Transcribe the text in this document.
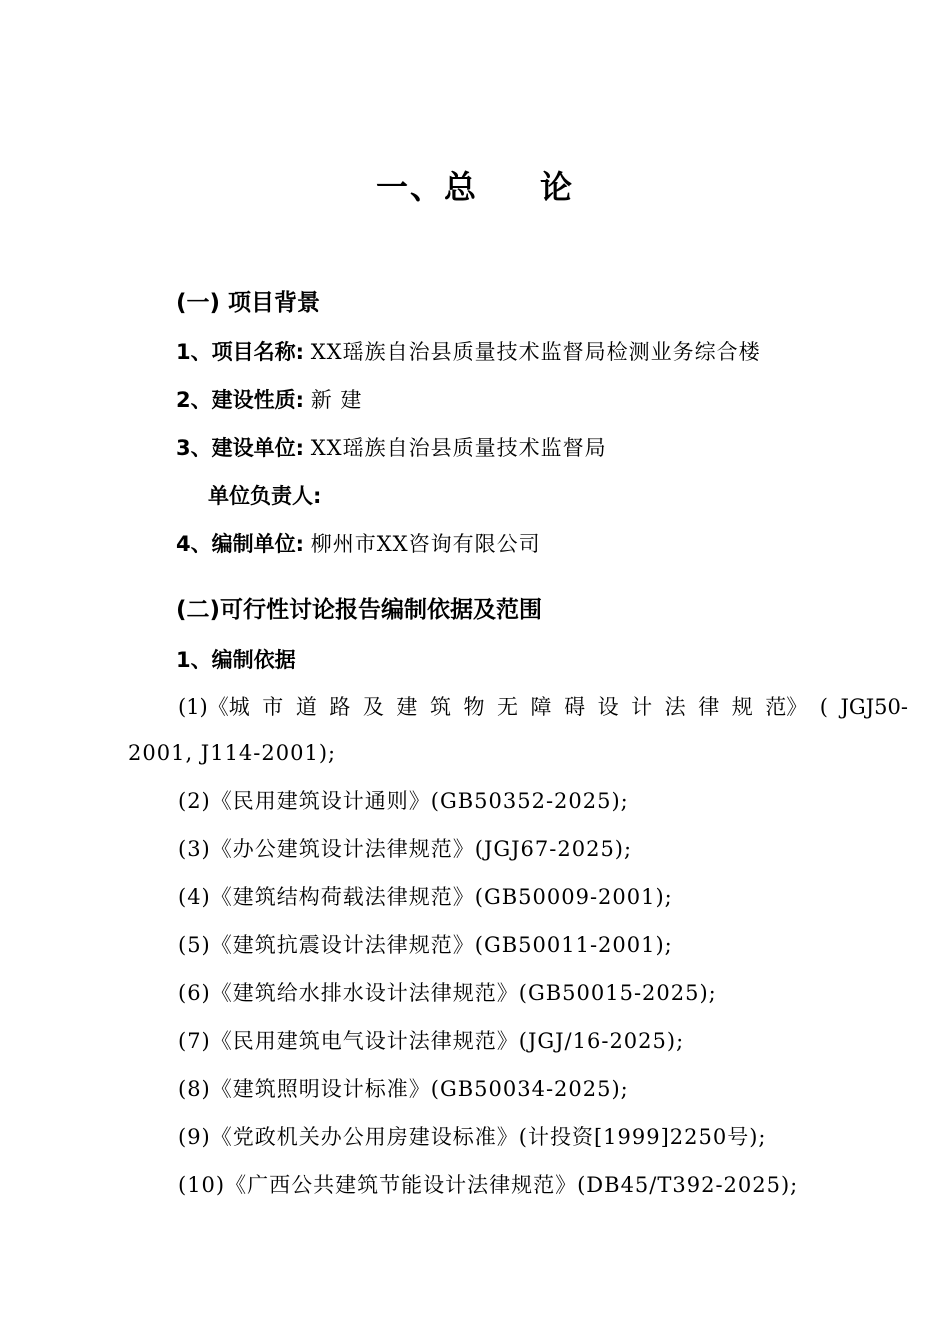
一、总 论
(一) 项目背景
1、项目名称: XX瑶族自治县质量技术监督局检测业务综合楼
2、建设性质: 新 建
3、建设单位: XX瑶族自治县质量技术监督局
单位负责人:
4、编制单位: 柳州市XX咨询有限公司
(二)可行性讨论报告编制依据及范围
1、编制依据
(1)《城 市 道 路 及 建 筑 物 无 障 碍 设 计 法 律 规 范》 ( JGJ50-
2001, J114-2001);
(2)《民用建筑设计通则》(GB50352-2025);
(3)《办公建筑设计法律规范》(JGJ67-2025);
(4)《建筑结构荷载法律规范》(GB50009-2001);
(5)《建筑抗震设计法律规范》(GB50011-2001);
(6)《建筑给水排水设计法律规范》(GB50015-2025);
(7)《民用建筑电气设计法律规范》(JGJ/16-2025);
(8)《建筑照明设计标准》(GB50034-2025);
(9)《党政机关办公用房建设标准》(计投资[1999]2250号);
(10)《广西公共建筑节能设计法律规范》(DB45/T392-2025);
